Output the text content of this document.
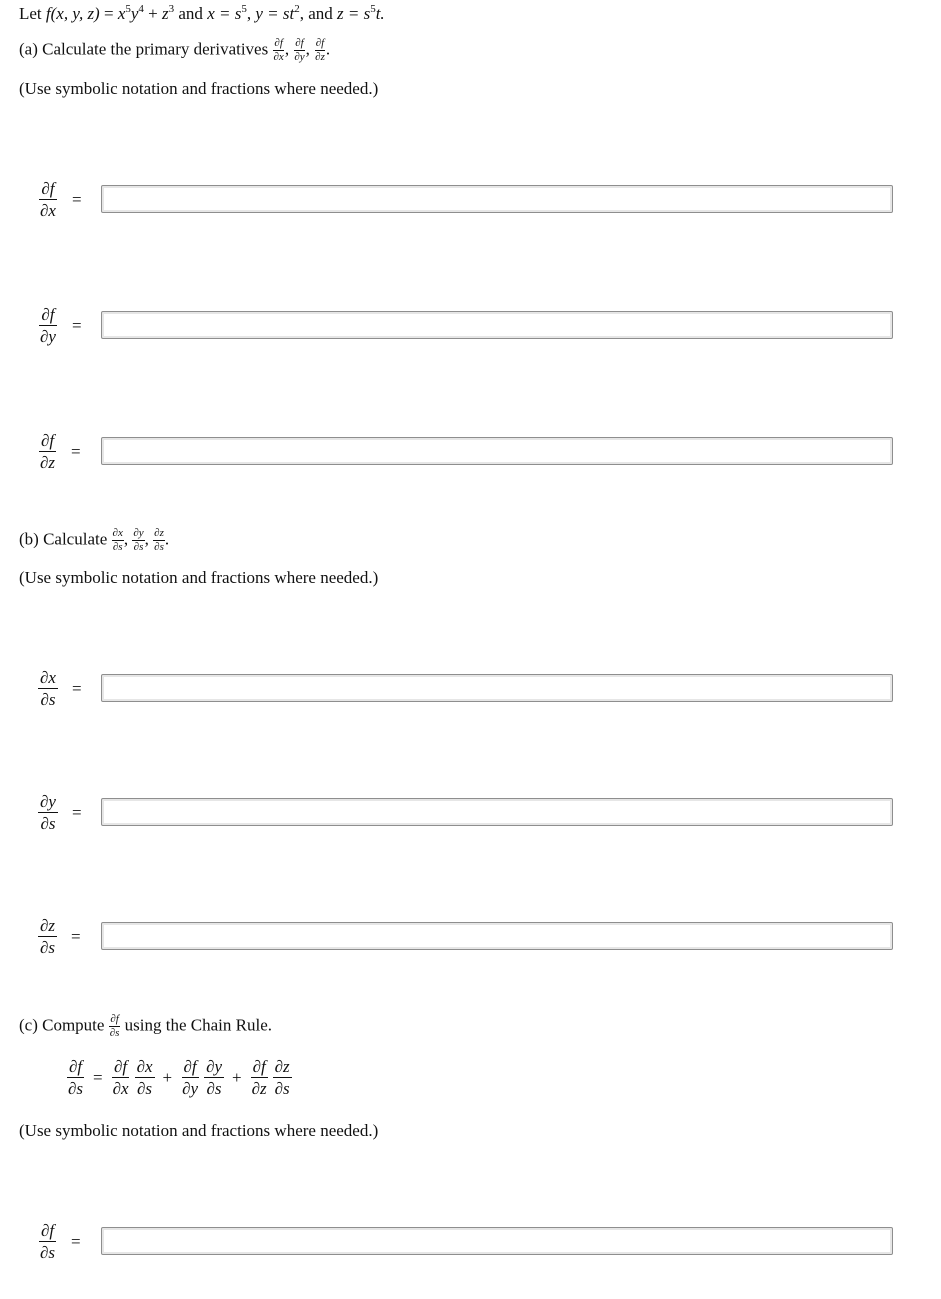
Let f(x, y, $z) = x^5y^4 + z^3$ and $x = s^5$, $y = st^2$, and $z = s^5t$.
(a) Calculate the primary derivatives $\frac{\partial f}{\partial x}$ , $\frac{\partial f}{\partial y}$ , $\frac{\partial f}{\partial z}$ .
(Use symbolic notation and fractions where needed.)
$\frac{\partial f}{\partial x}$ =
$\frac{\partial f}{\partial y}$ =
$\frac{\partial f}{\partial z}$ =
(b) Calculate $\frac{\partial x}{\partial s}$ , $\frac{\partial y}{\partial s}$ , $\frac{\partial z}{\partial s}$ .
(Use symbolic notation and fractions where needed.)
$\frac{\partial x}{\partial s}$ =
$\frac{\partial y}{\partial s}$ =
$\frac{\partial z}{\partial s}$ =
(c) Compute $\frac{\partial f}{\partial s}$ using the Chain Rule.
$\frac{\partial f}{\partial s} = \frac{\partial f}{\partial x} \frac{\partial x}{\partial s} + \frac{\partial f}{\partial y} \frac{\partial y}{\partial s} + \frac{\partial f}{\partial z} \frac{\partial z}{\partial s}$
(Use symbolic notation and fractions where needed.)
$\frac{\partial f}{\partial s}$ =
